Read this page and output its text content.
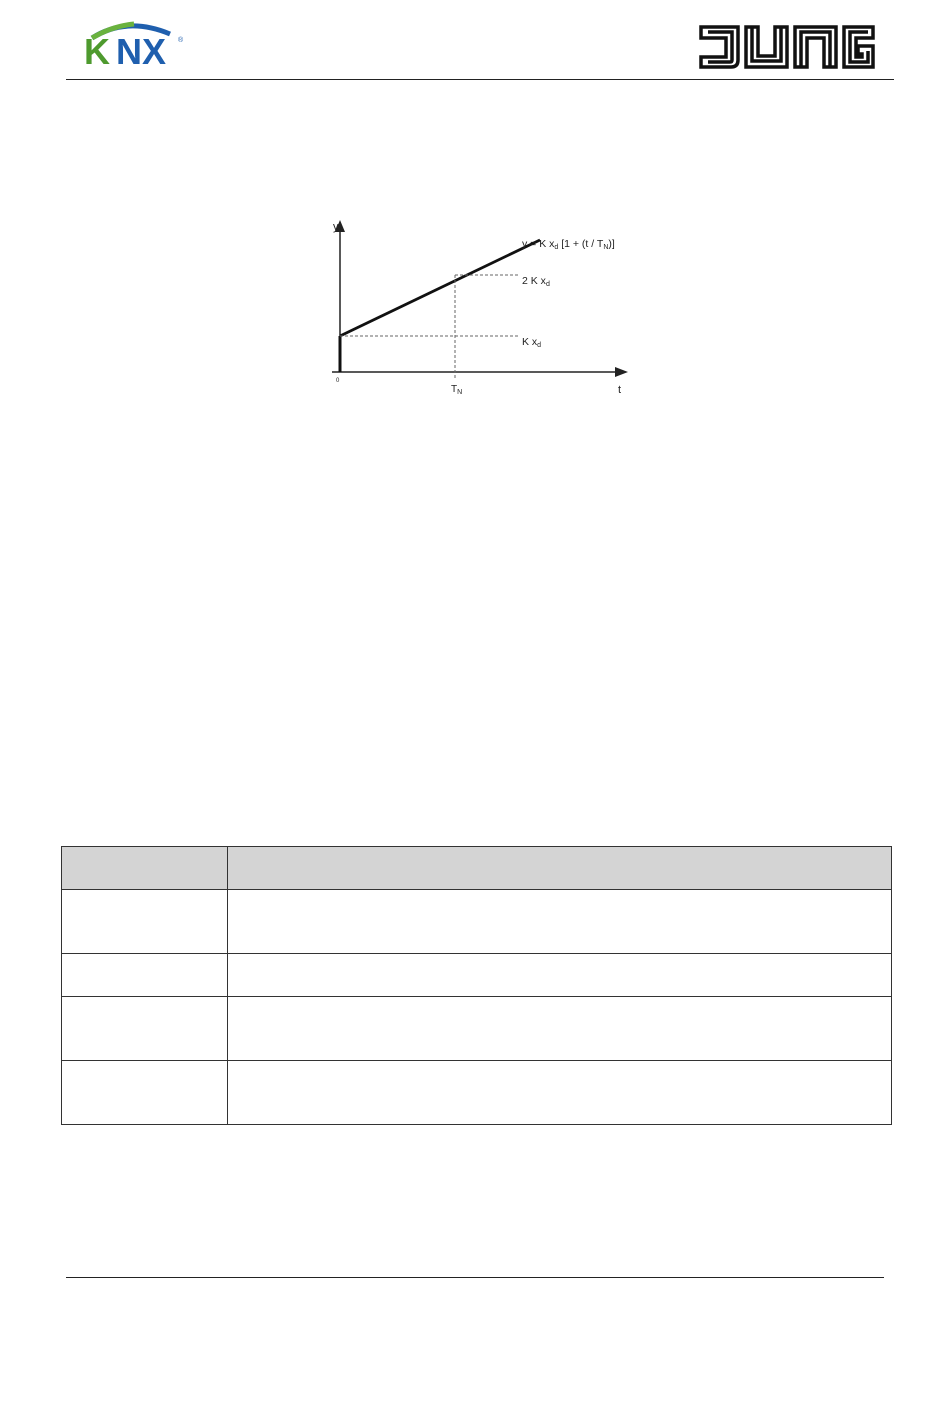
K NX ®
y
t
0
$T_N$
y = K xd [1 + (t / TN)]
2 K xd
K xd
